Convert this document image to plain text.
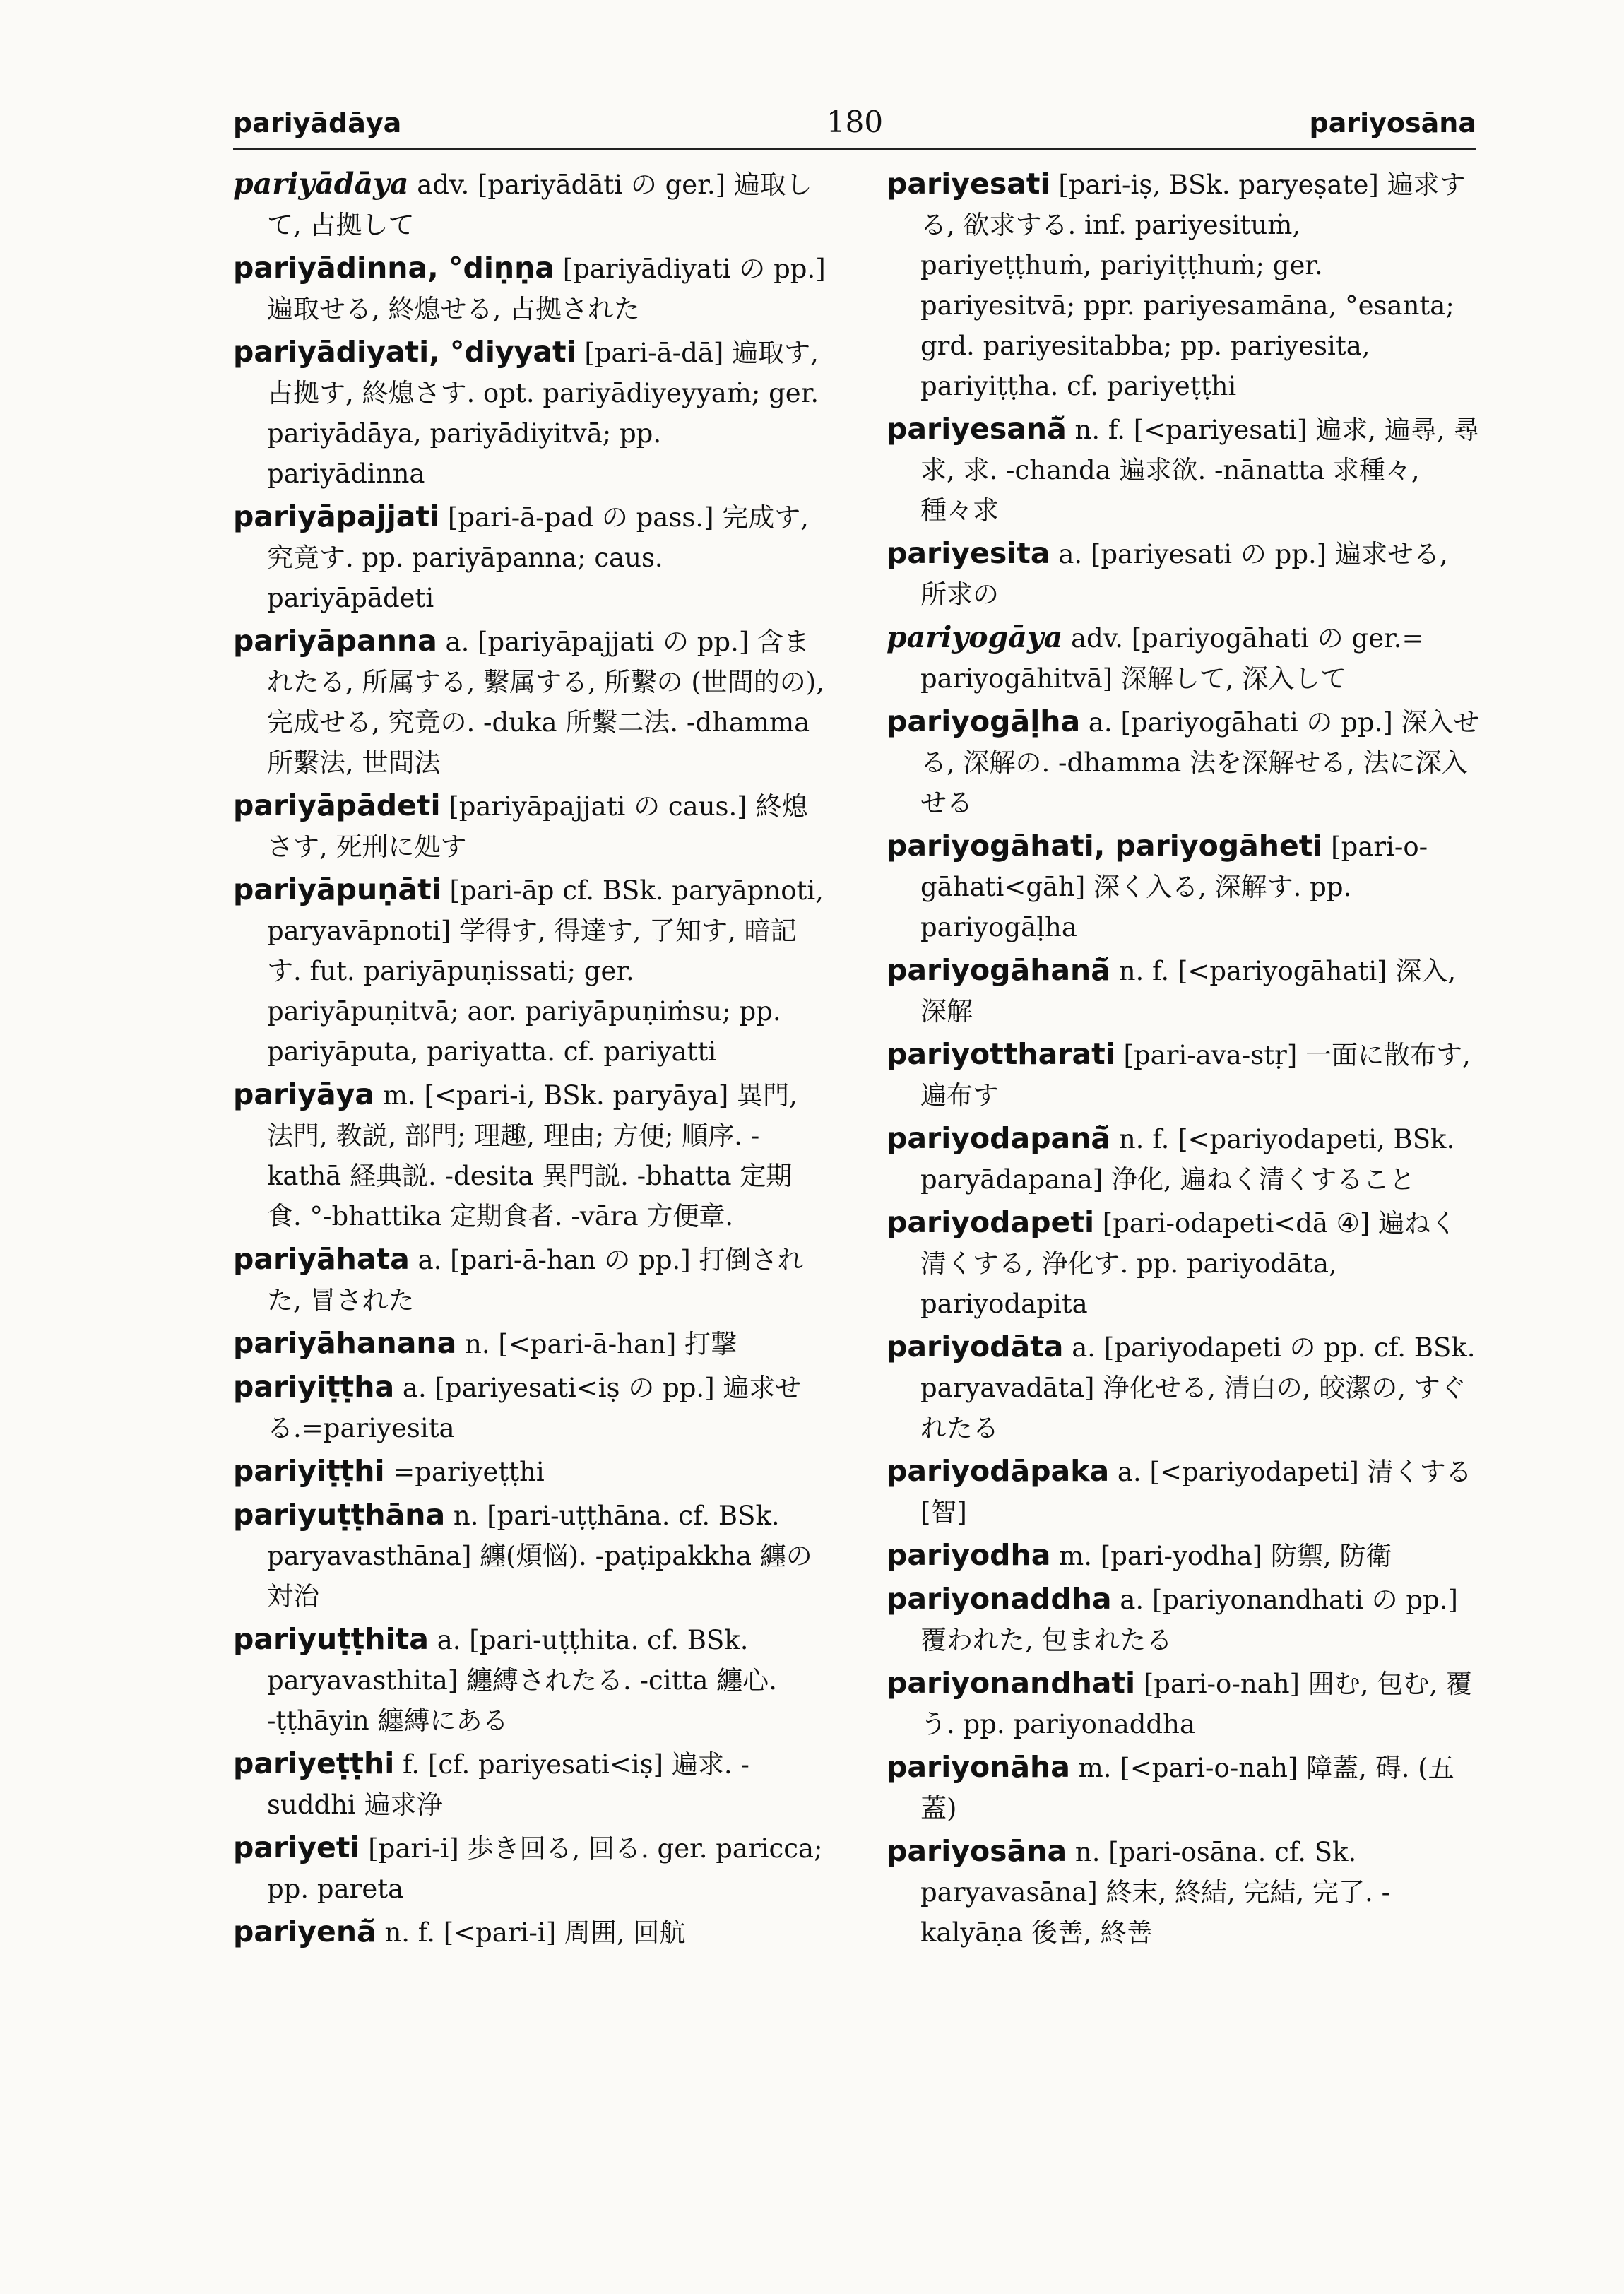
pariyādāya	180	pariyosāna

pariyādāya adv. [pariyādāti の ger.] 遍取して, 占拠して

pariyādinna, °diṇṇa [pariyādiyati の pp.] 遍取せる, 終熄せる, 占拠された

pariyādiyati, °diyyati [pari-ā-dā] 遍取す, 占拠す, 終熄さす. opt. pariyādiyeyyaṁ; ger. pariyādāya, pariyādiyitvā; pp. pariyādinna

pariyāpajjati [pari-ā-pad の pass.] 完成す, 究竟す. pp. pariyāpanna; caus. pariyāpādeti

pariyāpanna a. [pariyāpajjati の pp.] 含まれたる, 所属する, 繫属する, 所繫の (世間的の), 完成せる, 究竟の. -duka 所繫二法. -dhamma 所繫法, 世間法

pariyāpādeti [pariyāpajjati の caus.] 終熄さす, 死刑に処す

pariyāpuṇāti [pari-āp cf. BSk. paryāpnoti, paryavāpnoti] 学得す, 得達す, 了知す, 暗記す. fut. pariyāpuṇissati; ger. pariyāpuṇitvā; aor. pariyāpuṇiṁsu; pp. pariyāputa, pariyatta. cf. pariyatti

pariyāya m. [<pari-i, BSk. paryāya] 異門, 法門, 教説, 部門; 理趣, 理由; 方便; 順序. -kathā 経典説. -desita 異門説. -bhatta 定期食. °-bhattika 定期食者. -vāra 方便章.

pariyāhata a. [pari-ā-han の pp.] 打倒された, 冒された

pariyāhanana n. [<pari-ā-han] 打撃

pariyiṭṭha a. [pariyesati<iṣ の pp.] 遍求せる.=pariyesita

pariyiṭṭhi =pariyeṭṭhi

pariyuṭṭhāna n. [pari-uṭṭhāna. cf. BSk. paryavasthāna] 纏(煩悩). -paṭipakkha 纏の対治

pariyuṭṭhita a. [pari-uṭṭhita. cf. BSk. paryavasthita] 纏縛されたる. -citta 纏心. -ṭṭhāyin 纏縛にある

pariyeṭṭhi f. [cf. pariyesati<iṣ] 遍求. -suddhi 遍求浄

pariyeti [pari-i] 歩き回る, 回る. ger. paricca; pp. pareta

pariyenā̆ n. f. [<pari-i] 周囲, 回航

pariyesati [pari-iṣ, BSk. paryeṣate] 遍求する, 欲求する. inf. pariyesituṁ, pariyeṭṭhuṁ, pariyiṭṭhuṁ; ger. pariyesitvā; ppr. pariyesamāna, °esanta; grd. pariyesitabba; pp. pariyesita, pariyiṭṭha. cf. pariyeṭṭhi

pariyesanā̆ n. f. [<pariyesati] 遍求, 遍尋, 尋求, 求. -chanda 遍求欲. -nānatta 求種々, 種々求

pariyesita a. [pariyesati の pp.] 遍求せる, 所求の

pariyogāya adv. [pariyogāhati の ger.= pariyogāhitvā] 深解して, 深入して

pariyogāḷha a. [pariyogāhati の pp.] 深入せる, 深解の. -dhamma 法を深解せる, 法に深入せる

pariyogāhati, pariyogāheti [pari-o-gāhati<gāh] 深く入る, 深解す. pp. pariyogāḷha

pariyogāhanā̆ n. f. [<pariyogāhati] 深入, 深解

pariyottharati [pari-ava-stṛ] 一面に散布す, 遍布す

pariyodapanā̆ n. f. [<pariyodapeti, BSk. paryādapana] 浄化, 遍ねく清くすること

pariyodapeti [pari-odapeti<dā ④] 遍ねく清くする, 浄化す. pp. pariyodāta, pariyodapita

pariyodāta a. [pariyodapeti の pp. cf. BSk. paryavadāta] 浄化せる, 清白の, 皎潔の, すぐれたる

pariyodāpaka a. [<pariyodapeti] 清くする[智]

pariyodha m. [pari-yodha] 防禦, 防衛

pariyonaddha a. [pariyonandhati の pp.] 覆われた, 包まれたる

pariyonandhati [pari-o-nah] 囲む, 包む, 覆う. pp. pariyonaddha

pariyonāha m. [<pari-o-nah] 障蓋, 碍. (五蓋)

pariyosāna n. [pari-osāna. cf. Sk. paryavasāna] 終末, 終結, 完結, 完了. -kalyāṇa 後善, 終善
